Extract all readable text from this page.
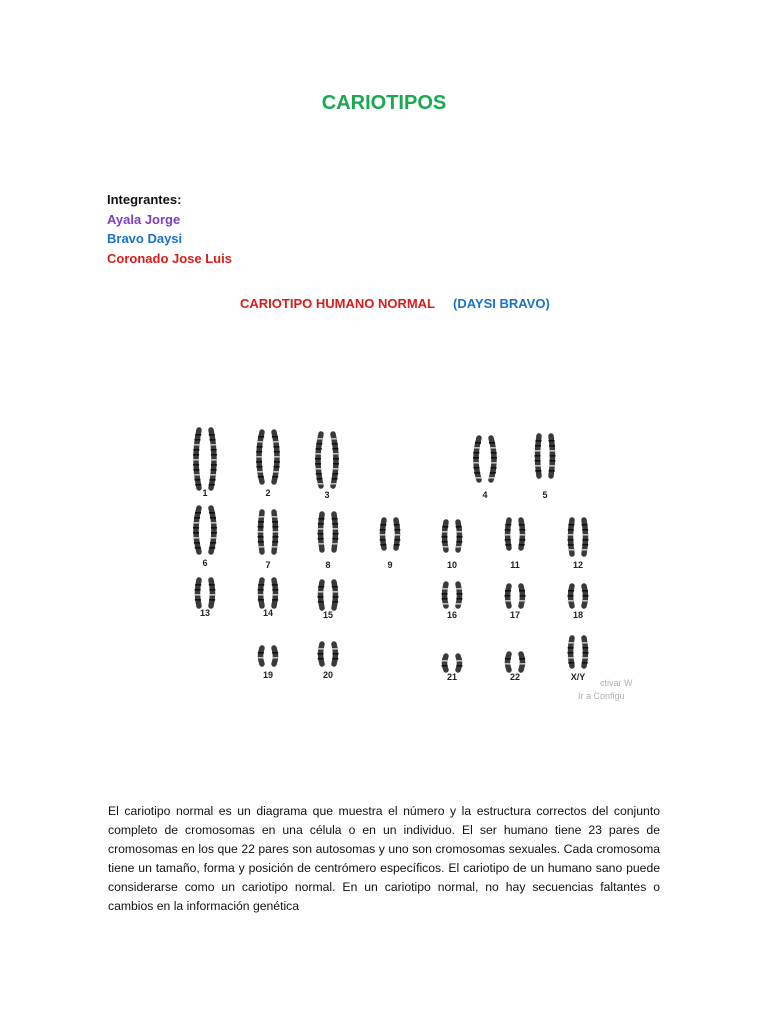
CARIOTIPOS
Integrantes:
Ayala Jorge
Bravo Daysi
Coronado Jose Luis
CARIOTIPO HUMANO NORMAL (DAYSI BRAVO)
1	2	3	4	5
6	7	8	9	10	11	12
13	14	15	16	17	18
19	20	21	22	X/Y
ctivar W
Ir a Configu
El cariotipo normal es un diagrama que muestra el número y la estructura correctos del conjunto completo de cromosomas en una célula o en un individuo. El ser humano tiene 23 pares de cromosomas en los que 22 pares son autosomas y uno son cromosomas sexuales. Cada cromosoma tiene un tamaño, forma y posición de centrómero específicos. El cariotipo de un humano sano puede considerarse como un cariotipo normal. En un cariotipo normal, no hay secuencias faltantes o cambios en la información genética
